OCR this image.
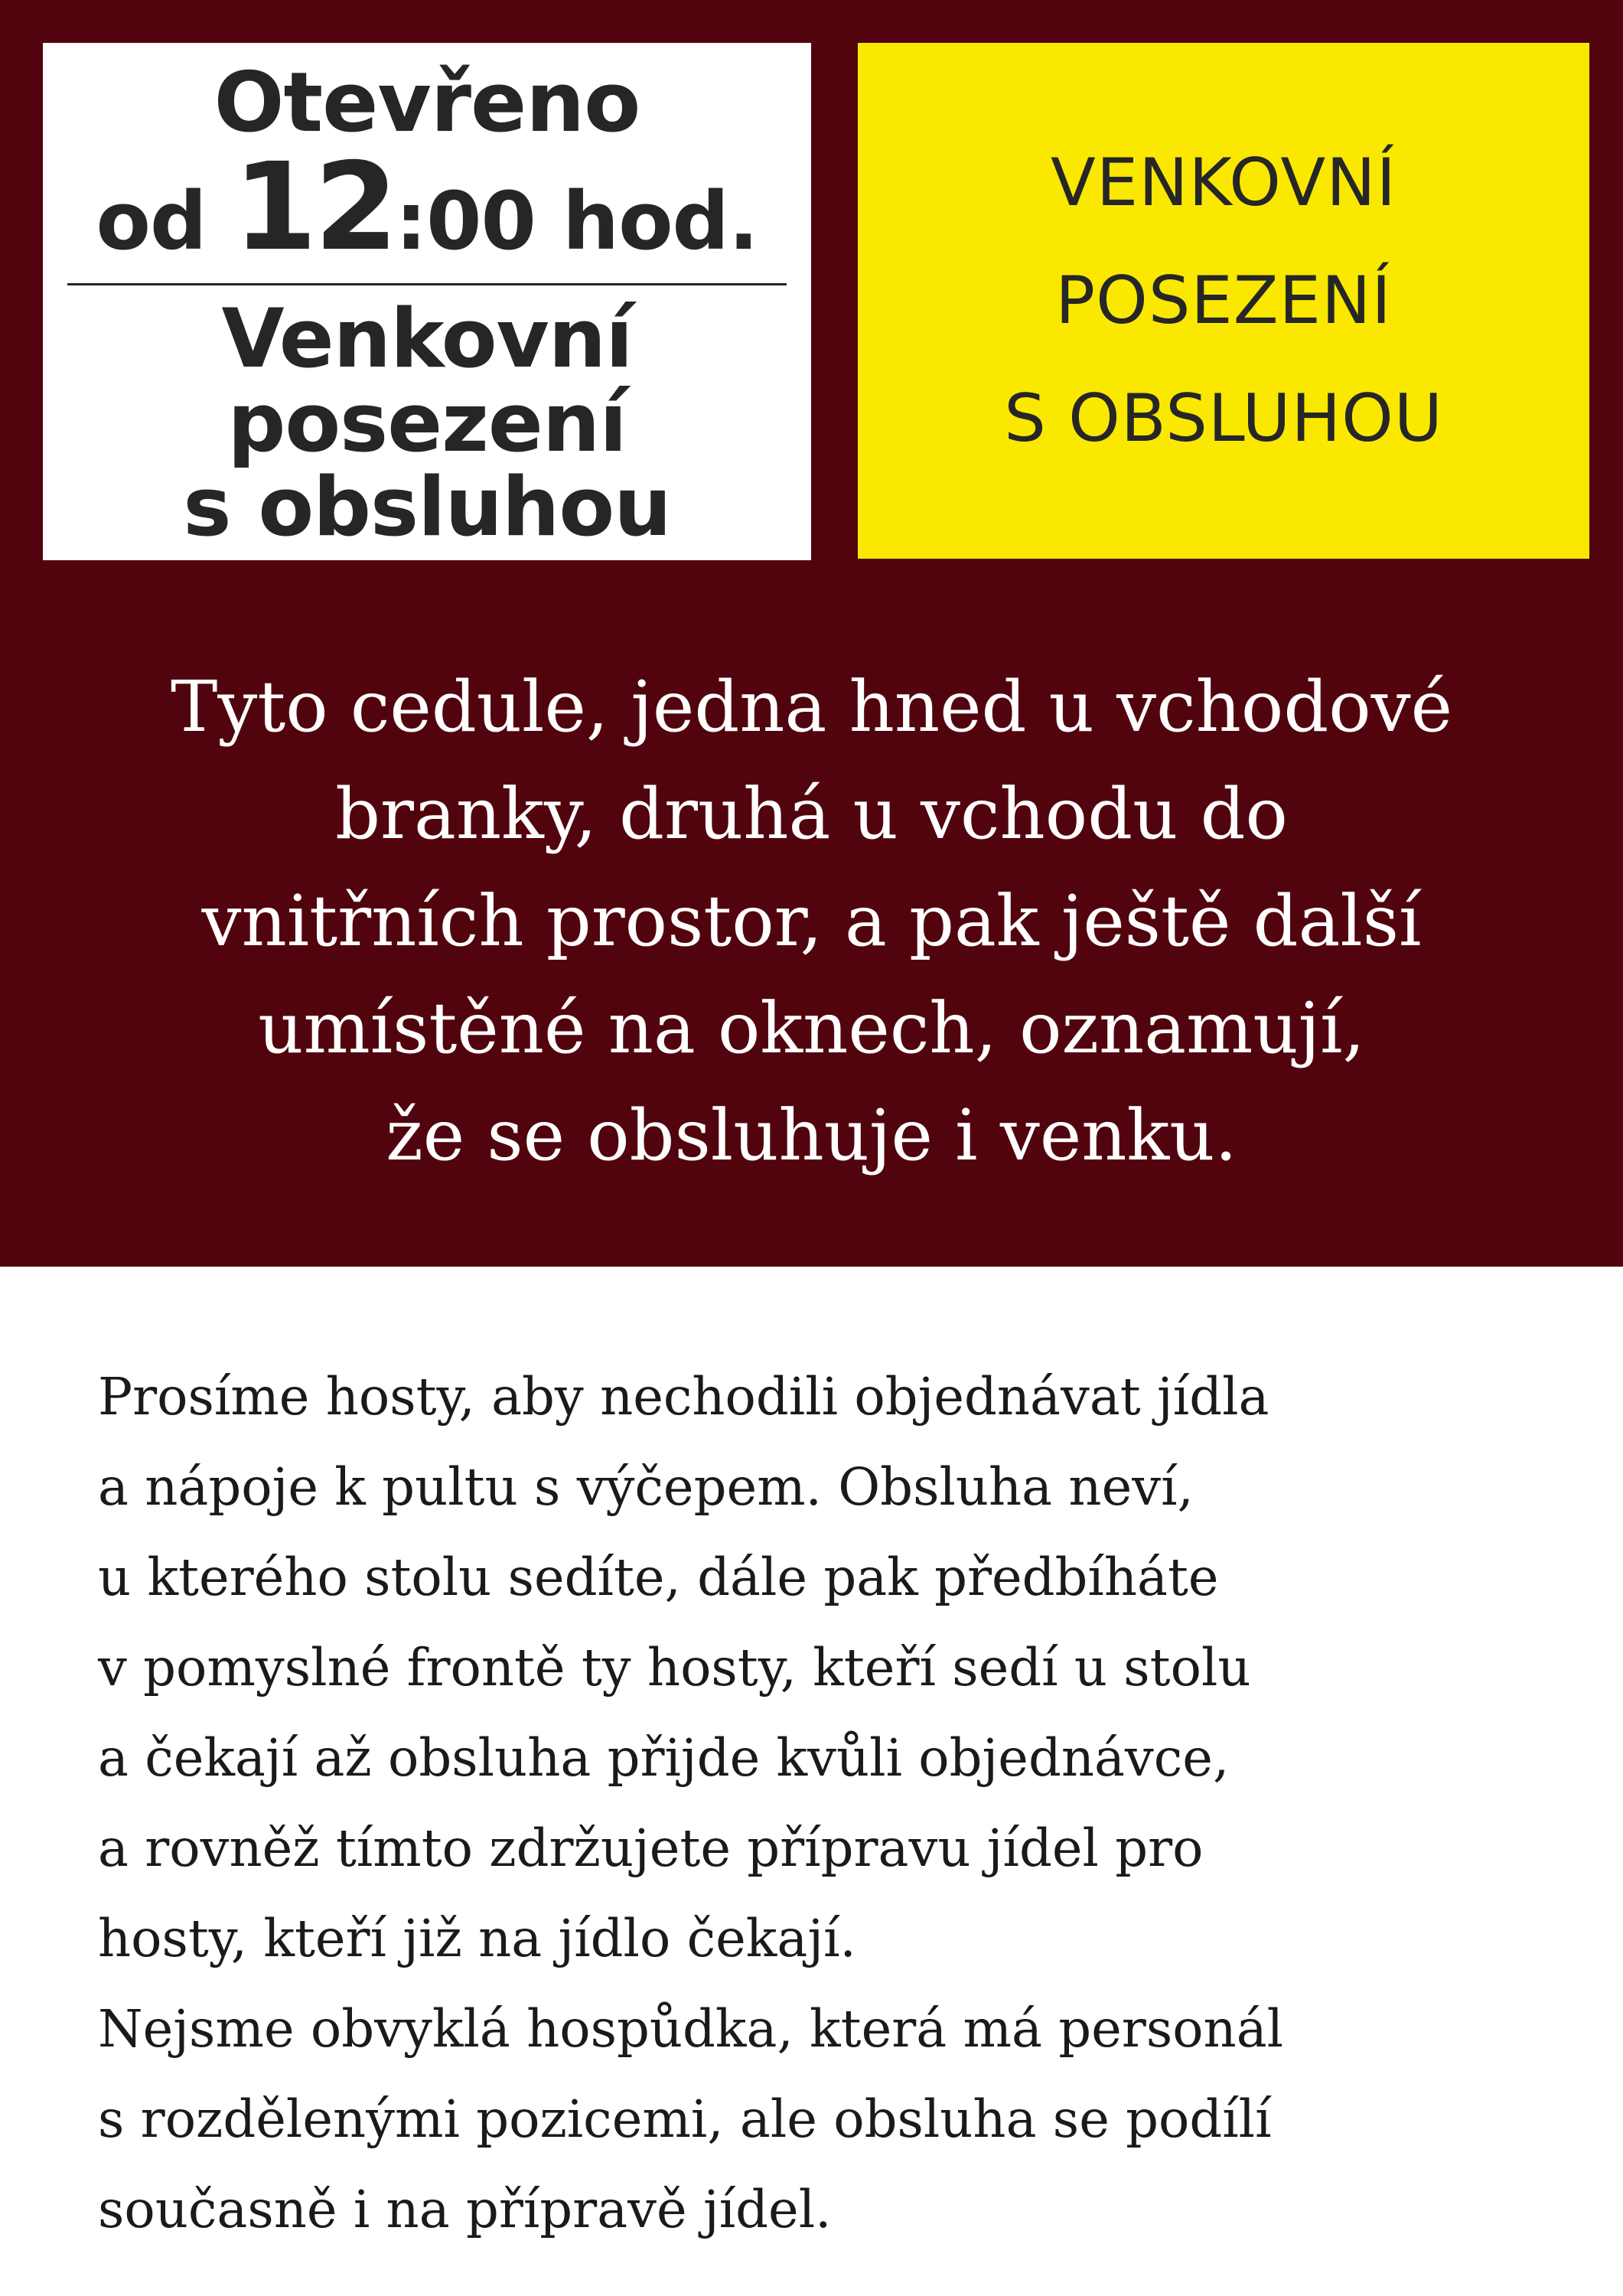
Otevřeno
od 12:00 hod.
Venkovní
posezení
s obsluhou
VENKOVNÍ
POSEZENÍ
S OBSLUHOU
Tyto cedule, jedna hned u vchodové
branky, druhá u vchodu do
vnitřních prostor, a pak ještě další
umístěné na oknech, oznamují,
že se obsluhuje i venku.
Prosíme hosty, aby nechodili objednávat jídla
a nápoje k pultu s výčepem. Obsluha neví,
u kterého stolu sedíte, dále pak předbíháte
v pomyslné frontě ty hosty, kteří sedí u stolu
a čekají až obsluha přijde kvůli objednávce,
a rovněž tímto zdržujete přípravu jídel pro
hosty, kteří již na jídlo čekají.
Nejsme obvyklá hospůdka, která má personál
s rozdělenými pozicemi, ale obsluha se podílí
současně i na přípravě jídel.
